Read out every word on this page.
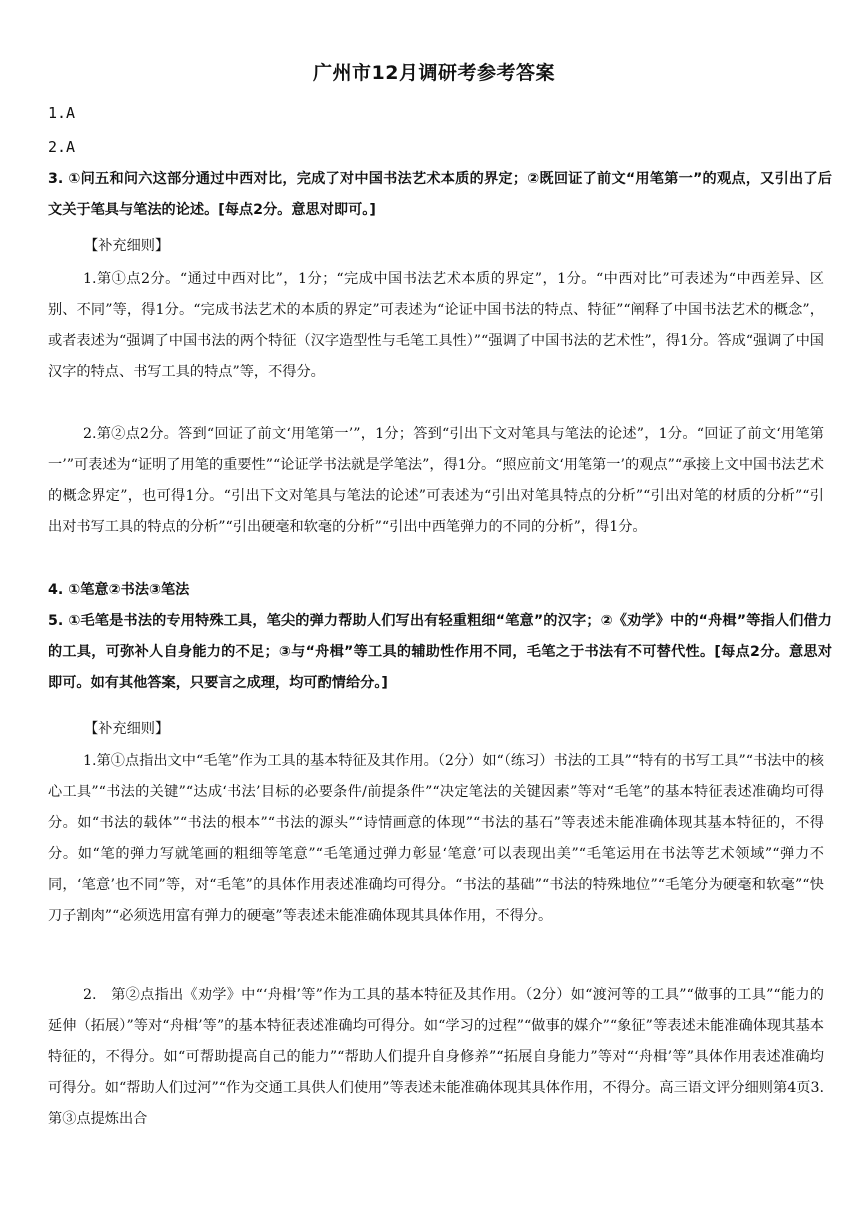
广州市12月调研考参考答案
1.A
2.A
3. ①问五和问六这部分通过中西对比，完成了对中国书法艺术本质的界定；②既回证了前文“用笔第一”的观点，又引出了后文关于笔具与笔法的论述。[每点2分。意思对即可。]
【补充细则】
1.第①点2分。“通过中西对比”，1分；“完成中国书法艺术本质的界定”，1分。“中西对比”可表述为“中西差异、区别、不同”等，得1分。“完成书法艺术的本质的界定”可表述为“论证中国书法的特点、特征”“阐释了中国书法艺术的概念”，或者表述为“强调了中国书法的两个特征（汉字造型性与毛笔工具性）”“强调了中国书法的艺术性”，得1分。答成“强调了中国汉字的特点、书写工具的特点”等，不得分。
2.第②点2分。答到“回证了前文‘用笔第一’”，1分；答到“引出下文对笔具与笔法的论述”，1分。“回证了前文‘用笔第一’”可表述为“证明了用笔的重要性”“论证学书法就是学笔法”，得1分。“照应前文‘用笔第一’的观点”“承接上文中国书法艺术的概念界定”，也可得1分。“引出下文对笔具与笔法的论述”可表述为“引出对笔具特点的分析”“引出对笔的材质的分析”“引出对书写工具的特点的分析”“引出硬毫和软毫的分析”“引出中西笔弹力的不同的分析”，得1分。
4. ①笔意②书法③笔法
5. ①毛笔是书法的专用特殊工具，笔尖的弹力帮助人们写出有轻重粗细“笔意”的汉字；②《劝学》中的“舟楫”等指人们借力的工具，可弥补人自身能力的不足；③与“舟楫”等工具的辅助性作用不同，毛笔之于书法有不可替代性。[每点2分。意思对即可。如有其他答案，只要言之成理，均可酌情给分。]
【补充细则】
1.第①点指出文中“毛笔”作为工具的基本特征及其作用。（2分）如“（练习）书法的工具”“特有的书写工具”“书法中的核心工具”“书法的关键”“达成‘书法’目标的必要条件/前提条件”“决定笔法的关键因素”等对“毛笔”的基本特征表述准确均可得分。如“书法的载体”“书法的根本”“书法的源头”“诗情画意的体现”“书法的基石”等表述未能准确体现其基本特征的，不得分。如“笔的弹力写就笔画的粗细等笔意”“毛笔通过弹力彰显‘笔意’可以表现出美”“毛笔运用在书法等艺术领域”“弹力不同，‘笔意’也不同”等，对“毛笔”的具体作用表述准确均可得分。“书法的基础”“书法的特殊地位”“毛笔分为硬毫和软毫”“快刀子割肉”“必须选用富有弹力的硬毫”等表述未能准确体现其具体作用，不得分。
2.　第②点指出《劝学》中“‘舟楫’等”作为工具的基本特征及其作用。（2分）如“渡河等的工具”“做事的工具”“能力的延伸（拓展）”等对“舟楫’等”的基本特征表述准确均可得分。如“学习的过程”“做事的媒介”“象征”等表述未能准确体现其基本特征的，不得分。如“可帮助提高自己的能力”“帮助人们提升自身修养”“拓展自身能力”等对“‘舟楫’等”具体作用表述准确均可得分。如“帮助人们过河”“作为交通工具供人们使用”等表述未能准确体现其具体作用，不得分。高三语文评分细则第4页3.第③点提炼出合
